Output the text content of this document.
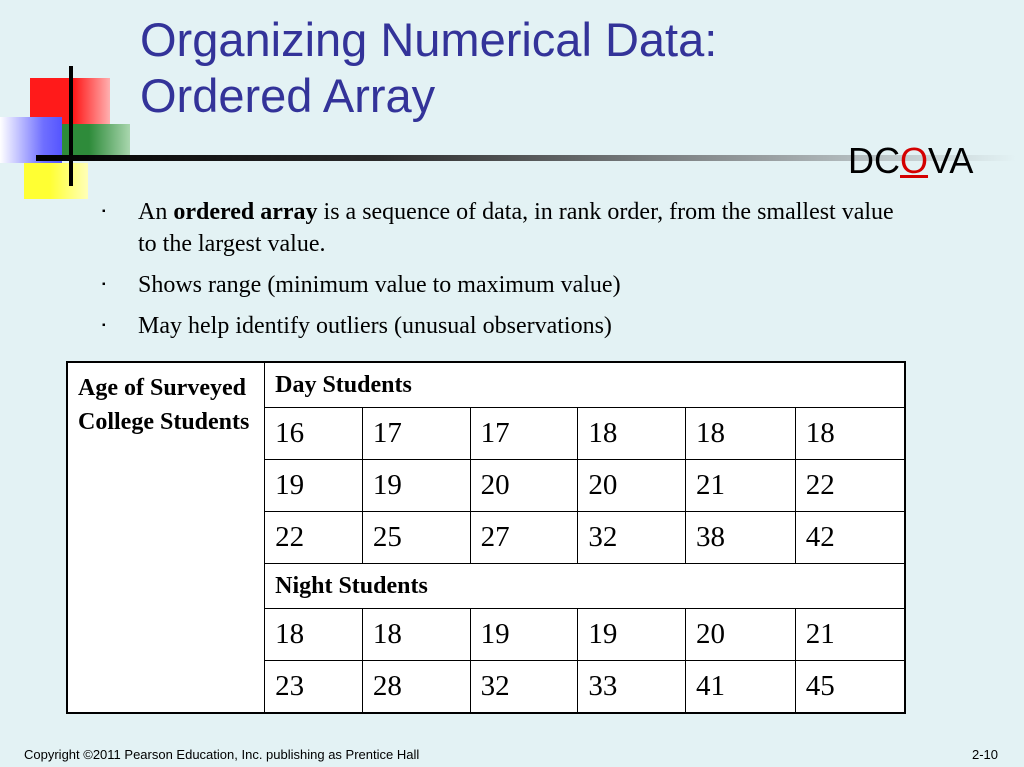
Organizing Numerical Data:
Ordered Array
DCOVA
▪ An ordered array is a sequence of data, in rank order, from the smallest value to the largest value.
▪ Shows range (minimum value to maximum value)
▪ May help identify outliers (unusual observations)
Age of Surveyed College Students	Day Students					
	16	17	17	18	18	18
	19	19	20	20	21	22
	22	25	27	32	38	42
	Night Students					
	18	18	19	19	20	21
	23	28	32	33	41	45
Copyright ©2011 Pearson Education, Inc. publishing as Prentice Hall	2-10
